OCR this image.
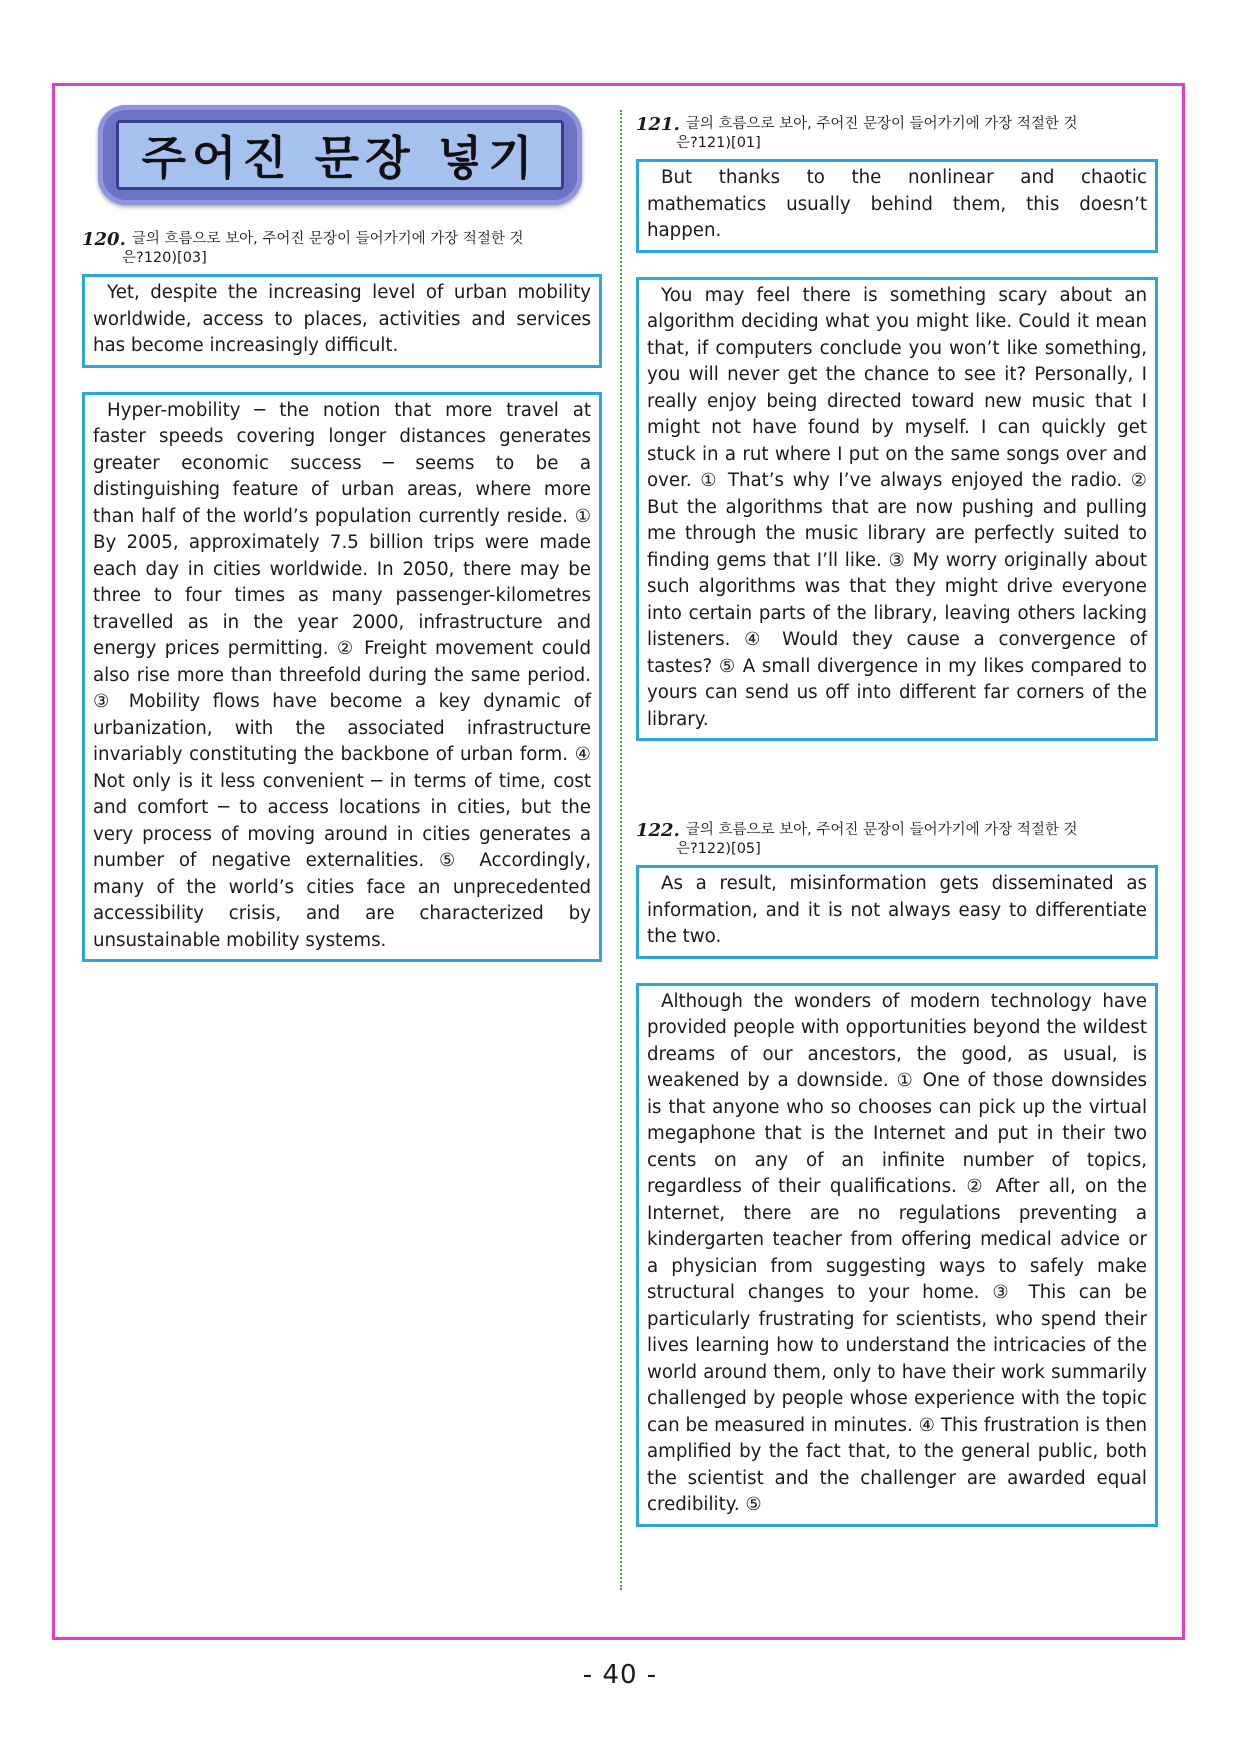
주어진 문장 넣기
120. 글의 흐름으로 보아, 주어진 문장이 들어가기에 가장 적절한 것
은?120)[03]

Yet, despite the increasing level of urban mobility worldwide, access to places, activities and services has become increasingly difficult.

Hyper-mobility ─ the notion that more travel at faster speeds covering longer distances generates greater economic success ─ seems to be a distinguishing feature of urban areas, where more than half of the world’s population currently reside. ① By 2005, approximately 7.5 billion trips were made each day in cities worldwide. In 2050, there may be three to four times as many passenger-kilometres travelled as in the year 2000, infrastructure and energy prices permitting. ② Freight movement could also rise more than threefold during the same period. ③ Mobility flows have become a key dynamic of urbanization, with the associated infrastructure invariably constituting the backbone of urban form. ④ Not only is it less convenient ─ in terms of time, cost and comfort ─ to access locations in cities, but the very process of moving around in cities generates a number of negative externalities. ⑤ Accordingly, many of the world’s cities face an unprecedented accessibility crisis, and are characterized by unsustainable mobility systems.

121. 글의 흐름으로 보아, 주어진 문장이 들어가기에 가장 적절한 것
은?121)[01]

But thanks to the nonlinear and chaotic mathematics usually behind them, this doesn’t happen.

You may feel there is something scary about an algorithm deciding what you might like. Could it mean that, if computers conclude you won’t like something, you will never get the chance to see it? Personally, I really enjoy being directed toward new music that I might not have found by myself. I can quickly get stuck in a rut where I put on the same songs over and over. ① That’s why I’ve always enjoyed the radio. ② But the algorithms that are now pushing and pulling me through the music library are perfectly suited to finding gems that I’ll like. ③ My worry originally about such algorithms was that they might drive everyone into certain parts of the library, leaving others lacking listeners. ④ Would they cause a convergence of tastes? ⑤ A small divergence in my likes compared to yours can send us off into different far corners of the library.

122. 글의 흐름으로 보아, 주어진 문장이 들어가기에 가장 적절한 것
은?122)[05]

As a result, misinformation gets disseminated as information, and it is not always easy to differentiate the two.

Although the wonders of modern technology have provided people with opportunities beyond the wildest dreams of our ancestors, the good, as usual, is weakened by a downside. ① One of those downsides is that anyone who so chooses can pick up the virtual megaphone that is the Internet and put in their two cents on any of an infinite number of topics, regardless of their qualifications. ② After all, on the Internet, there are no regulations preventing a kindergarten teacher from offering medical advice or a physician from suggesting ways to safely make structural changes to your home. ③ This can be particularly frustrating for scientists, who spend their lives learning how to understand the intricacies of the world around them, only to have their work summarily challenged by people whose experience with the topic can be measured in minutes. ④ This frustration is then amplified by the fact that, to the general public, both the scientist and the challenger are awarded equal credibility. ⑤

- 40 -
